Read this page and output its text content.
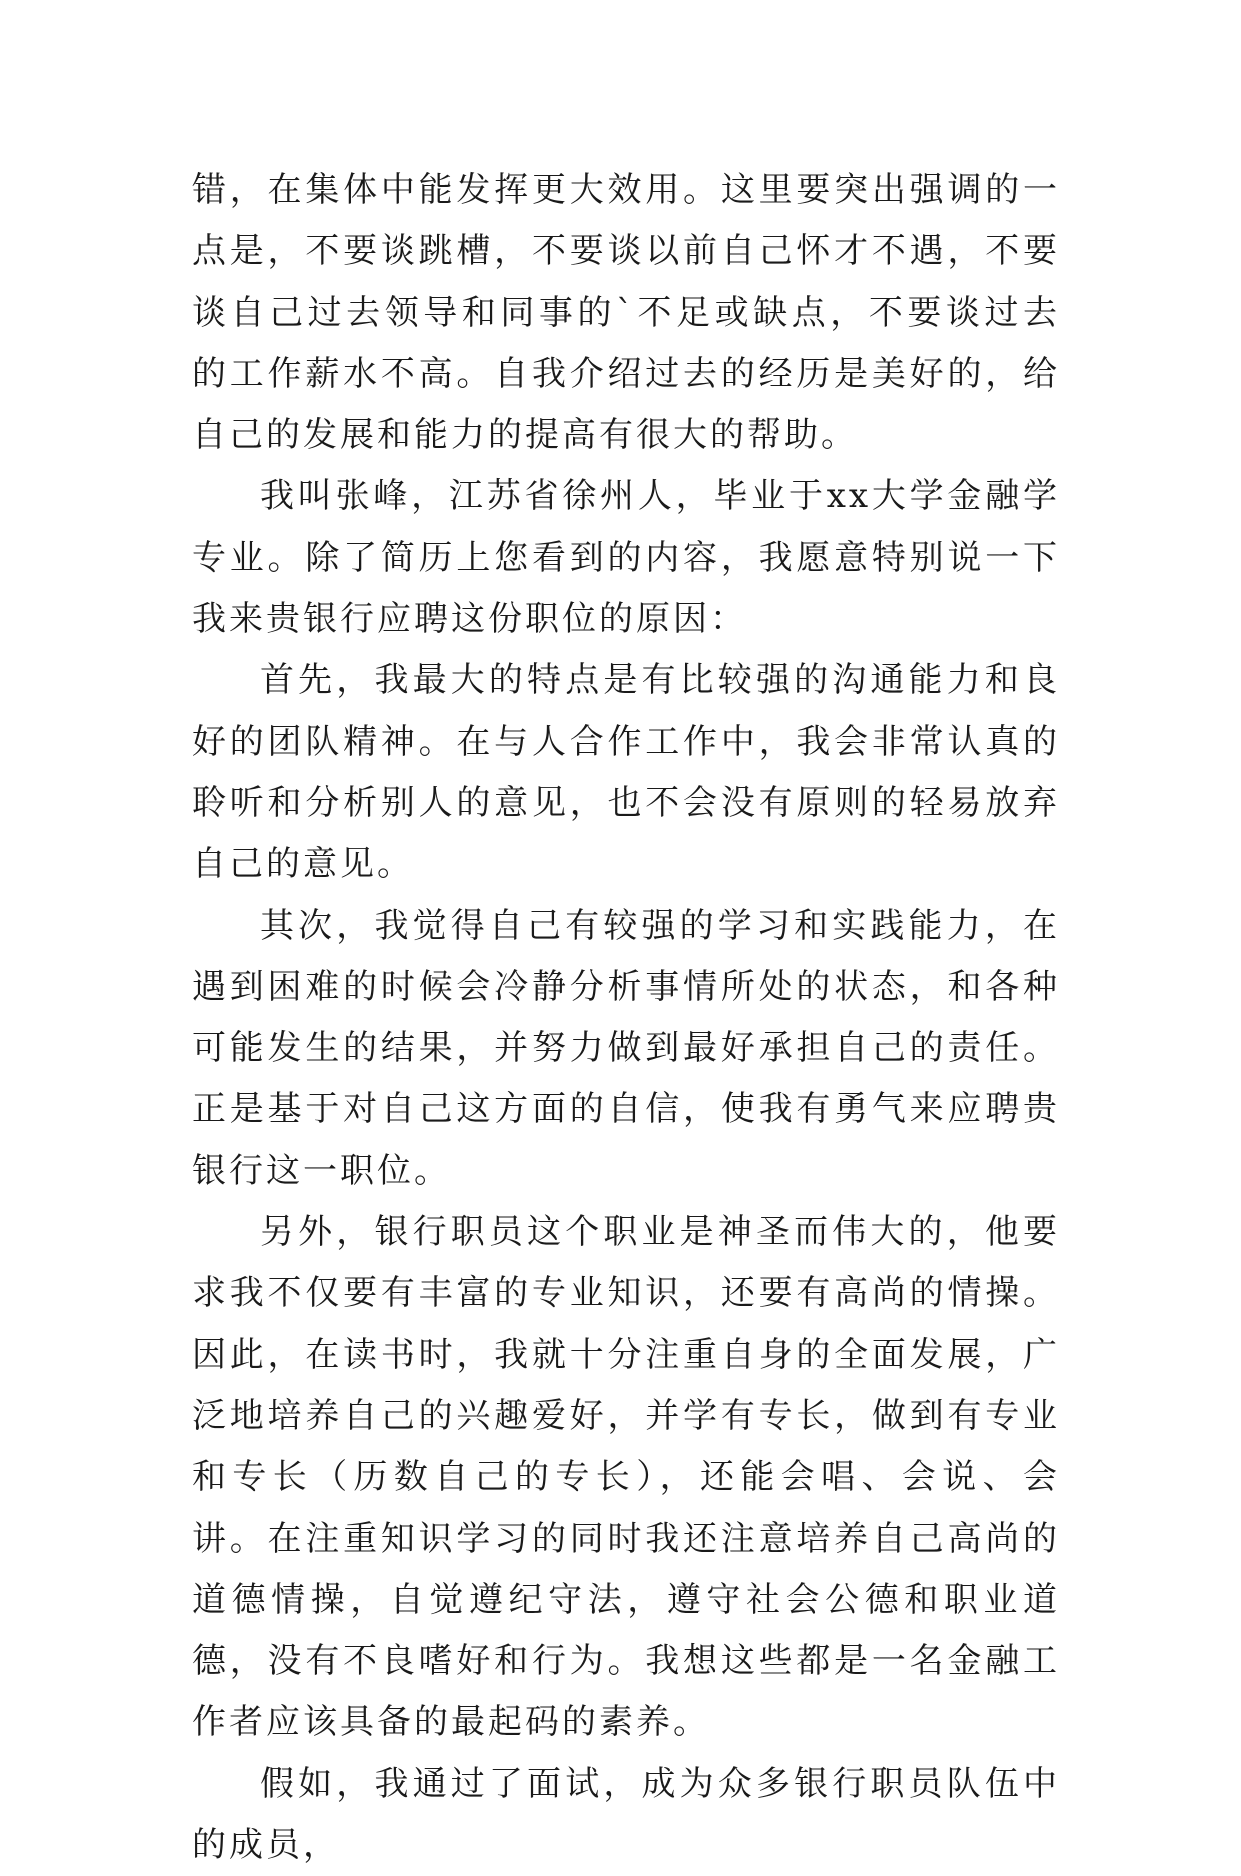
错，在集体中能发挥更大效用。这里要突出强调的一点是，不要谈跳槽，不要谈以前自己怀才不遇，不要谈自己过去领导和同事的`不足或缺点，不要谈过去的工作薪水不高。自我介绍过去的经历是美好的，给自己的发展和能力的提高有很大的帮助。

我叫张峰，江苏省徐州人，毕业于xx大学金融学专业。除了简历上您看到的内容，我愿意特别说一下我来贵银行应聘这份职位的原因：

首先，我最大的特点是有比较强的沟通能力和良好的团队精神。在与人合作工作中，我会非常认真的聆听和分析别人的意见，也不会没有原则的轻易放弃自己的意见。

其次，我觉得自己有较强的学习和实践能力，在遇到困难的时候会冷静分析事情所处的状态，和各种可能发生的结果，并努力做到最好承担自己的责任。正是基于对自己这方面的自信，使我有勇气来应聘贵银行这一职位。

另外，银行职员这个职业是神圣而伟大的，他要求我不仅要有丰富的专业知识，还要有高尚的情操。因此，在读书时，我就十分注重自身的全面发展，广泛地培养自己的兴趣爱好，并学有专长，做到有专业和专长（历数自己的专长），还能会唱、会说、会讲。在注重知识学习的同时我还注意培养自己高尚的道德情操，自觉遵纪守法，遵守社会公德和职业道德，没有不良嗜好和行为。我想这些都是一名金融工作者应该具备的最起码的素养。

假如，我通过了面试，成为众多银行职员队伍中的成员，
